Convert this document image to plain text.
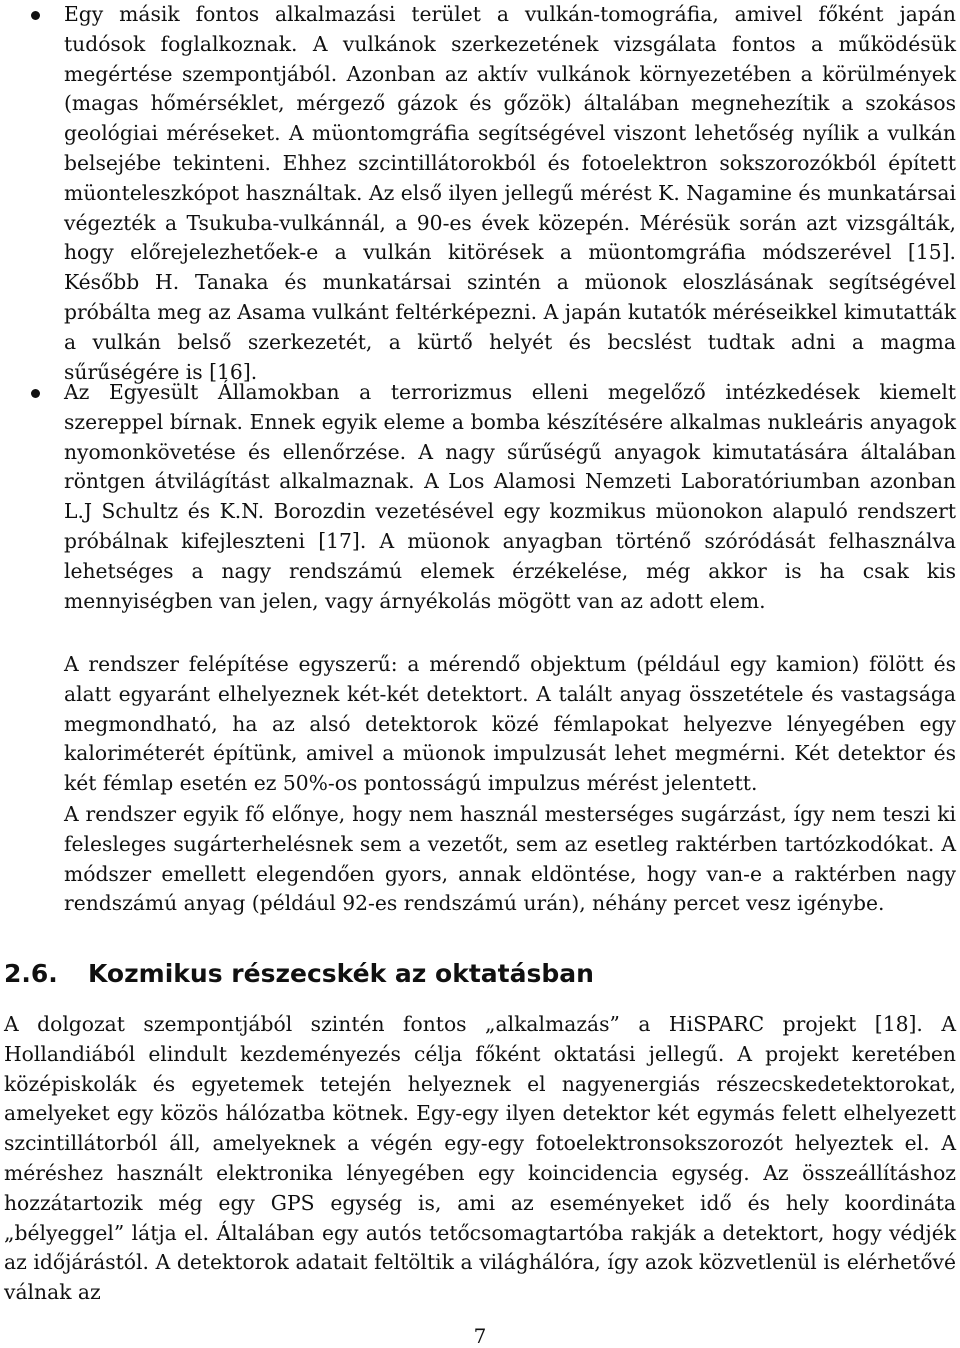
Egy másik fontos alkalmazási terület a vulkán-tomográfia, amivel főként japán tudósok foglalkoznak. A vulkánok szerkezetének vizsgálata fontos a működésük megértése szempontjából. Azonban az aktív vulkánok környezetében a körülmények (magas hőmérséklet, mérgező gázok és gőzök) általában megnehezítik a szokásos geológiai méréseket. A müontomgráfia segítségével viszont lehetőség nyílik a vulkán belsejébe tekinteni. Ehhez szcintillátorokból és fotoelektron sokszorozókból épített müonteleszkópot használtak. Az első ilyen jellegű mérést K. Nagamine és munkatársai végezték a Tsukuba-vulkánnál, a 90-es évek közepén. Mérésük során azt vizsgálták, hogy előrejelezhetőek-e a vulkán kitörések a müontomgráfia módszerével [15]. Később H. Tanaka és munkatársai szintén a müonok eloszlásának segítségével próbálta meg az Asama vulkánt feltérképezni. A japán kutatók méréseikkel kimutatták a vulkán belső szerkezetét, a kürtő helyét és becslést tudtak adni a magma sűrűségére is [16].
Az Egyesült Államokban a terrorizmus elleni megelőző intézkedések kiemelt szereppel bírnak. Ennek egyik eleme a bomba készítésére alkalmas nukleáris anyagok nyomonkövetése és ellenőrzése. A nagy sűrűségű anyagok kimutatására általában röntgen átvilágítást alkalmaznak. A Los Alamosi Nemzeti Laboratóriumban azonban L.J Schultz és K.N. Borozdin vezetésével egy kozmikus müonokon alapuló rendszert próbálnak kifejleszteni [17]. A müonok anyagban történő szóródását felhasználva lehetséges a nagy rendszámú elemek érzékelése, még akkor is ha csak kis mennyiségben van jelen, vagy árnyékolás mögött van az adott elem.
A rendszer felépítése egyszerű: a mérendő objektum (például egy kamion) fölött és alatt egyaránt elhelyeznek két-két detektort. A talált anyag összetétele és vastagsága megmondható, ha az alsó detektorok közé fémlapokat helyezve lényegében egy kaloriméterét építünk, amivel a müonok impulzusát lehet megmérni. Két detektor és két fémlap esetén ez 50%-os pontosságú impulzus mérést jelentett.
A rendszer egyik fő előnye, hogy nem használ mesterséges sugárzást, így nem teszi ki felesleges sugárterhelésnek sem a vezetőt, sem az esetleg raktérben tartózkodókat. A módszer emellett elegendően gyors, annak eldöntése, hogy van-e a raktérben nagy rendszámú anyag (például 92-es rendszámú urán), néhány percet vesz igénybe.
2.6. Kozmikus részecskék az oktatásban
A dolgozat szempontjából szintén fontos „alkalmazás” a HiSPARC projekt [18]. A Hollandiából elindult kezdeményezés célja főként oktatási jellegű. A projekt keretében középiskolák és egyetemek tetején helyeznek el nagyenergiás részecskedetektorokat, amelyeket egy közös hálózatba kötnek. Egy-egy ilyen detektor két egymás felett elhelyezett szcintillátorból áll, amelyeknek a végén egy-egy fotoelektronsokszorozót helyeztek el. A méréshez használt elektronika lényegében egy koincidencia egység. Az összeállításhoz hozzátartozik még egy GPS egység is, ami az eseményeket idő és hely koordináta „bélyeggel” látja el. Általában egy autós tetőcsomagtartóba rakják a detektort, hogy védjék az időjárástól. A detektorok adatait feltöltik a világhálóra, így azok közvetlenül is elérhetővé válnak az
7
